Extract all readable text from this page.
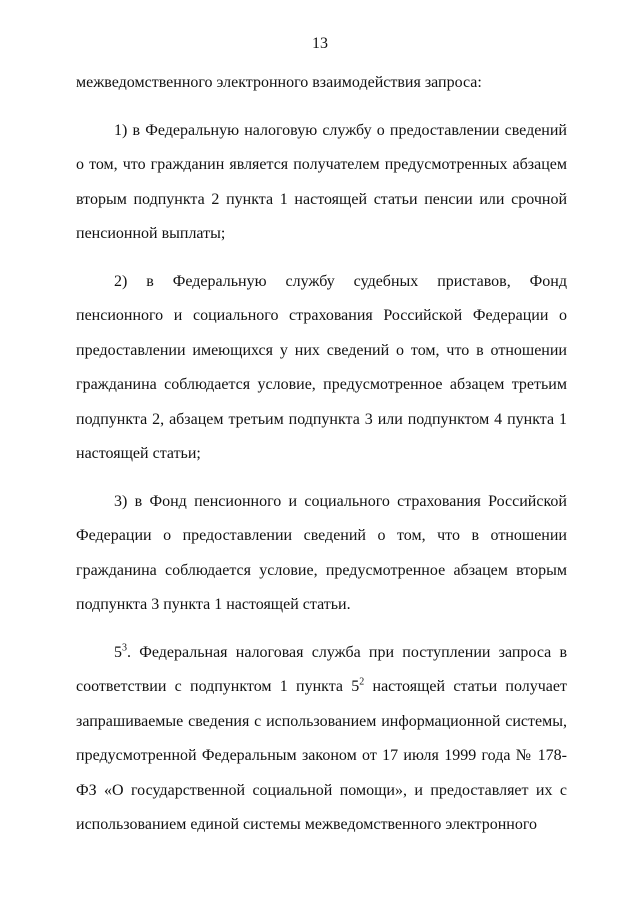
13

межведомственного электронного взаимодействия запроса:

1) в Федеральную налоговую службу о предоставлении сведений о том, что гражданин является получателем предусмотренных абзацем вторым подпункта 2 пункта 1 настоящей статьи пенсии или срочной пенсионной выплаты;

2) в Федеральную службу судебных приставов, Фонд пенсионного и социального страхования Российской Федерации о предоставлении имеющихся у них сведений о том, что в отношении гражданина соблюдается условие, предусмотренное абзацем третьим подпункта 2, абзацем третьим подпункта 3 или подпунктом 4 пункта 1 настоящей статьи;

3) в Фонд пенсионного и социального страхования Российской Федерации о предоставлении сведений о том, что в отношении гражданина соблюдается условие, предусмотренное абзацем вторым подпункта 3 пункта 1 настоящей статьи.

$5^3$. Федеральная налоговая служба при поступлении запроса в соответствии с подпунктом 1 пункта $5^2$ настоящей статьи получает запрашиваемые сведения с использованием информационной системы, предусмотренной Федеральным законом от 17 июля 1999 года № 178-ФЗ «О государственной социальной помощи», и предоставляет их с использованием единой системы межведомственного электронного
